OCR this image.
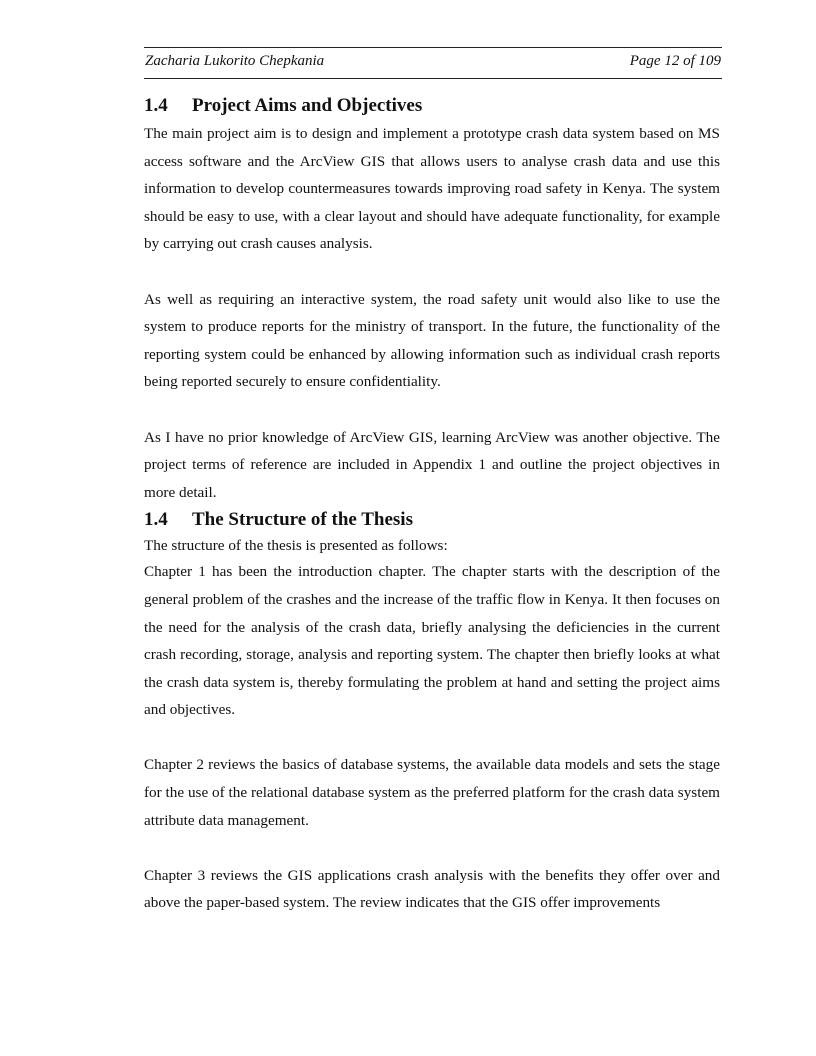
Zacharia Lukorito Chepkania	Page 12 of 109
1.4 Project Aims and Objectives

The main project aim is to design and implement a prototype crash data system based on MS access software and the ArcView GIS that allows users to analyse crash data and use this information to develop countermeasures towards improving road safety in Kenya. The system should be easy to use, with a clear layout and should have adequate functionality, for example by carrying out crash causes analysis.

As well as requiring an interactive system, the road safety unit would also like to use the system to produce reports for the ministry of transport. In the future, the functionality of the reporting system could be enhanced by allowing information such as individual crash reports being reported securely to ensure confidentiality.

As I have no prior knowledge of ArcView GIS, learning ArcView was another objective. The project terms of reference are included in Appendix 1 and outline the project objectives in more detail.

1.4 The Structure of the Thesis

The structure of the thesis is presented as follows:

Chapter 1 has been the introduction chapter. The chapter starts with the description of the general problem of the crashes and the increase of the traffic flow in Kenya. It then focuses on the need for the analysis of the crash data, briefly analysing the deficiencies in the current crash recording, storage, analysis and reporting system. The chapter then briefly looks at what the crash data system is, thereby formulating the problem at hand and setting the project aims and objectives.

Chapter 2 reviews the basics of database systems, the available data models and sets the stage for the use of the relational database system as the preferred platform for the crash data system attribute data management.

Chapter 3 reviews the GIS applications crash analysis with the benefits they offer over and above the paper-based system. The review indicates that the GIS offer improvements
